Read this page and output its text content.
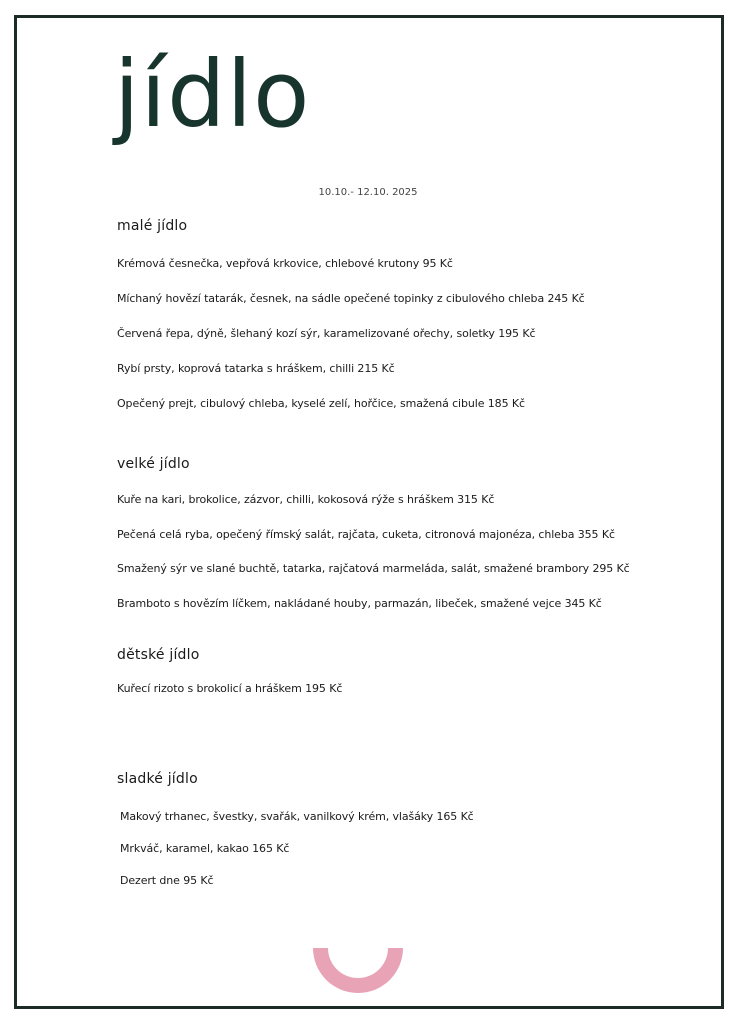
jídlo
10.10.- 12.10. 2025
malé jídlo
Krémová česnečka, vepřová krkovice, chlebové krutony 95 Kč
Míchaný hovězí tatarák, česnek, na sádle opečené topinky z cibulového chleba 245 Kč
Červená řepa, dýně, šlehaný kozí sýr, karamelizované ořechy, soletky 195 Kč
Rybí prsty, koprová tatarka s hráškem, chilli 215 Kč
Opečený prejt, cibulový chleba, kyselé zelí, hořčice, smažená cibule 185 Kč
velké jídlo
Kuře na kari, brokolice, zázvor, chilli, kokosová rýže s hráškem 315 Kč
Pečená celá ryba, opečený římský salát, rajčata, cuketa, citronová majonéza, chleba 355 Kč
Smažený sýr ve slané buchtě, tatarka, rajčatová marmeláda, salát, smažené brambory 295 Kč
Bramboto s hovězím líčkem, nakládané houby, parmazán, libeček, smažené vejce 345 Kč
dětské jídlo
Kuřecí rizoto s brokolicí a hráškem 195 Kč
sladké jídlo
Makový trhanec, švestky, svařák, vanilkový krém, vlašáky 165 Kč
Mrkváč, karamel, kakao 165 Kč
Dezert dne 95 Kč
